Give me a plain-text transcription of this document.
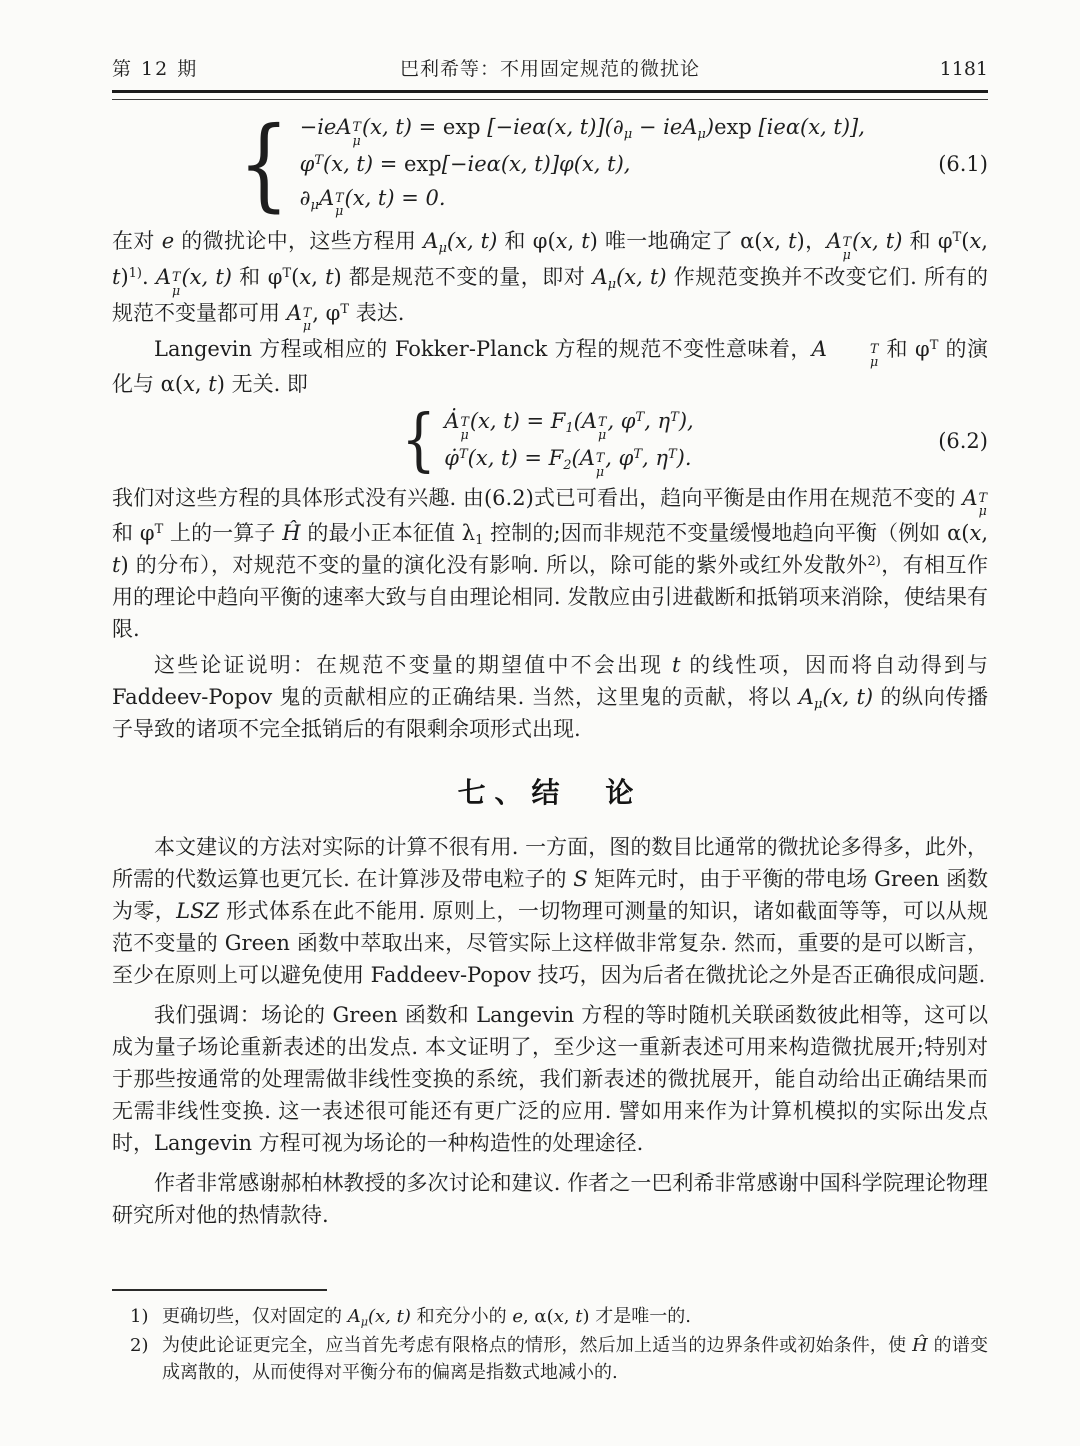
第 12 期	巴利希等：不用固定规范的微扰论	1181
{ −ieA T
μ
(x, t) = exp [−ieα(x, $t)](\partial_\mu - ieA_\mu)\exp$ [ieα(x, t)],
$\varphi^T(x$, t) = exp[−ieα(x, t)]φ(x, t),
$\partial_\mu A$ T
μ
(x, t) = 0.
(6.1)

在对 e 的微扰论中，这些方程用 $A_\mu(x$, t) 和 φ(x, t) 唯一地确定了 α(x, t)，A T
μ
(x, t) 和 $\varphi^T(x$, t)$^{1)}$. A T
μ
(x, t) 和 $\varphi^T(x$, t) 都是规范不变的量，即对 $A_\mu(x$, t) 作规范变换并不改变它们. 所有的规范不变量都可用 A T
μ
, $\varphi^T$ 表达.

Langevin 方程或相应的 Fokker-Planck 方程的规范不变性意味着，A	T
μ
和 $\varphi^T$ 的演化与 α(x, t) 无关. 即

{ Ȧ T
μ
(x, $t) = F_1(A$ T
μ
, $\varphi^T$, $\eta^T$),
φ̇$^T$(x, $t) = F_2(A$ T
μ
, $\varphi^T$, $\eta^T$).
(6.2)

我们对这些方程的具体形式没有兴趣. 由(6.2)式已可看出，趋向平衡是由作用在规范不变的 A T
μ
和 $\varphi^T$ 上的一算子 Ĥ 的最小正本征值 $\lambda_1$ 控制的;因而非规范不变量缓慢地趋向平衡（例如 α(x, t) 的分布），对规范不变的量的演化没有影响. 所以，除可能的紫外或红外发散外$^{2)}$，有相互作用的理论中趋向平衡的速率大致与自由理论相同. 发散应由引进截断和抵销项来消除，使结果有限.

这些论证说明：在规范不变量的期望值中不会出现 t 的线性项，因而将自动得到与 Faddeev-Popov 鬼的贡献相应的正确结果. 当然，这里鬼的贡献，将以 $A_\mu(x$, t) 的纵向传播子导致的诸项不完全抵销后的有限剩余项形式出现.

七、结　论

本文建议的方法对实际的计算不很有用. 一方面，图的数目比通常的微扰论多得多，此外，所需的代数运算也更冗长. 在计算涉及带电粒子的 S 矩阵元时，由于平衡的带电场 Green 函数为零，LSZ 形式体系在此不能用. 原则上，一切物理可测量的知识，诸如截面等等，可以从规范不变量的 Green 函数中萃取出来，尽管实际上这样做非常复杂. 然而，重要的是可以断言，至少在原则上可以避免使用 Faddeev-Popov 技巧，因为后者在微扰论之外是否正确很成问题.

我们强调：场论的 Green 函数和 Langevin 方程的等时随机关联函数彼此相等，这可以成为量子场论重新表述的出发点. 本文证明了，至少这一重新表述可用来构造微扰展开;特别对于那些按通常的处理需做非线性变换的系统，我们新表述的微扰展开，能自动给出正确结果而无需非线性变换. 这一表述很可能还有更广泛的应用. 譬如用来作为计算机模拟的实际出发点时，Langevin 方程可视为场论的一种构造性的处理途径.

作者非常感谢郝柏林教授的多次讨论和建议. 作者之一巴利希非常感谢中国科学院理论物理研究所对他的热情款待.

1) 更确切些，仅对固定的 $A_\mu(x$, t) 和充分小的 e, α(x, t) 才是唯一的.
2) 为使此论证更完全，应当首先考虑有限格点的情形，然后加上适当的边界条件或初始条件，使 Ĥ 的谱变成离散的，从而使得对平衡分布的偏离是指数式地减小的.
